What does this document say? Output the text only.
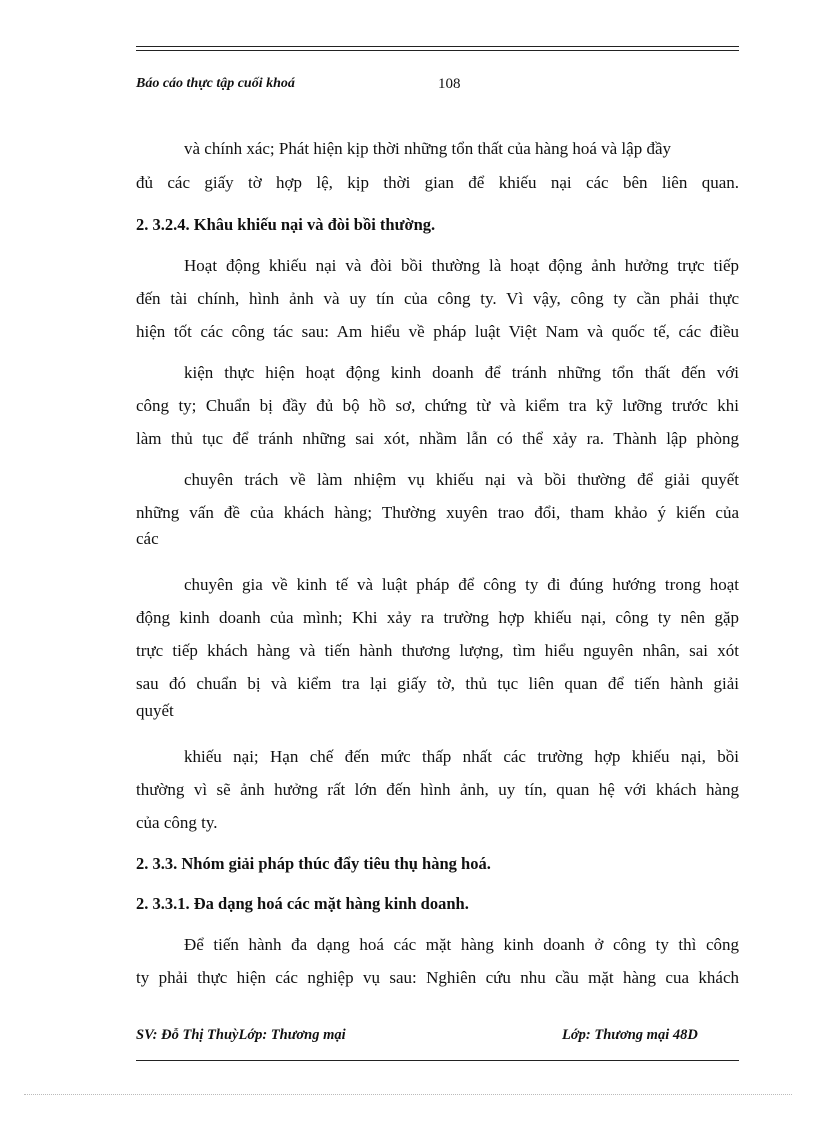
Báo cáo thực tập cuối khoá	108
và chính xác; Phát hiện kịp thời những tổn thất của hàng hoá và lập đầy
đủ các giấy tờ hợp lệ, kịp thời gian để khiếu nại các bên liên quan.
2. 3.2.4. Khâu khiếu nại và đòi bồi thường.
Hoạt động khiếu nại và đòi bồi thường là hoạt động ảnh hưởng trực tiếp
đến tài chính, hình ảnh và uy tín của công ty. Vì vậy, công ty cần phải thực
hiện tốt các công tác sau: Am hiểu về pháp luật Việt Nam và quốc tế, các điều
kiện thực hiện hoạt động kinh doanh để tránh những tổn thất đến với
công ty; Chuẩn bị đầy đủ bộ hồ sơ, chứng từ và kiểm tra kỹ lưỡng trước khi
làm thủ tục để tránh những sai xót, nhầm lẫn có thể xảy ra. Thành lập phòng
chuyên trách về làm nhiệm vụ khiếu nại và bồi thường để giải quyết
những vấn đề của khách hàng; Thường xuyên trao đổi, tham khảo ý kiến của
các
chuyên gia về kinh tế và luật pháp để công ty đi đúng hướng trong hoạt
động kinh doanh của mình; Khi xảy ra trường hợp khiếu nại, công ty nên gặp
trực tiếp khách hàng và tiến hành thương lượng, tìm hiểu nguyên nhân, sai xót
sau đó chuẩn bị và kiểm tra lại giấy tờ, thủ tục liên quan để tiến hành giải
quyết
khiếu nại; Hạn chế đến mức thấp nhất các trường hợp khiếu nại, bồi
thường vì sẽ ảnh hưởng rất lớn đến hình ảnh, uy tín, quan hệ với khách hàng
của công ty.
2. 3.3. Nhóm giải pháp thúc đẩy tiêu thụ hàng hoá.
2. 3.3.1. Đa dạng hoá các mặt hàng kinh doanh.
Để tiến hành đa dạng hoá các mặt hàng kinh doanh ở công ty thì công
ty phải thực hiện các nghiệp vụ sau: Nghiên cứu nhu cầu mặt hàng cua khách
SV: Đỗ Thị ThuỳLớp: Thương mại	Lớp: Thương mại 48D
